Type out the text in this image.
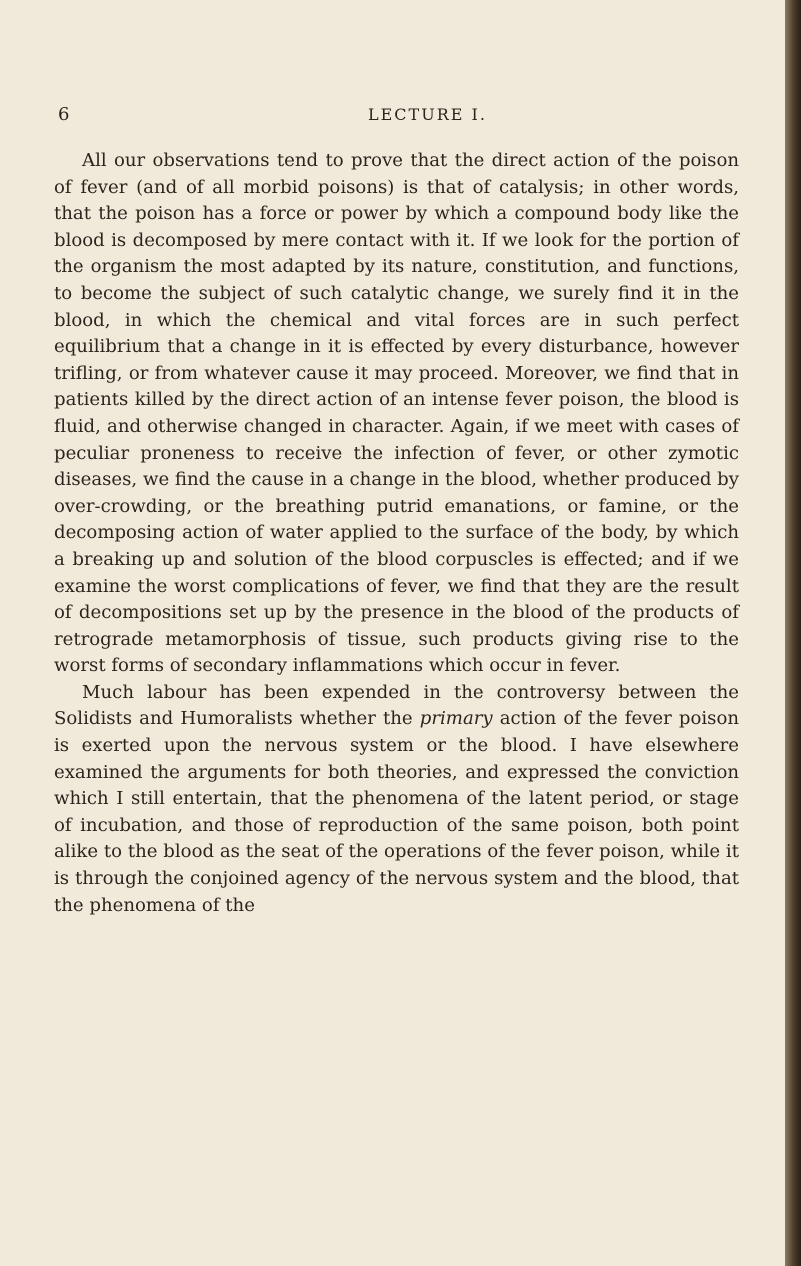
6	LECTURE I.

All our observations tend to prove that the direct action of the poison of fever (and of all morbid poisons) is that of catalysis; in other words, that the poison has a force or power by which a compound body like the blood is decomposed by mere contact with it. If we look for the portion of the organism the most adapted by its nature, constitution, and functions, to become the subject of such catalytic change, we surely find it in the blood, in which the chemical and vital forces are in such perfect equilibrium that a change in it is effected by every disturbance, however trifling, or from whatever cause it may proceed. Moreover, we find that in patients killed by the direct action of an intense fever poison, the blood is fluid, and otherwise changed in character. Again, if we meet with cases of peculiar proneness to receive the infection of fever, or other zymotic diseases, we find the cause in a change in the blood, whether produced by over-crowding, or the breathing putrid emanations, or famine, or the decomposing action of water applied to the surface of the body, by which a breaking up and solution of the blood corpuscles is effected; and if we examine the worst complications of fever, we find that they are the result of decompositions set up by the presence in the blood of the products of retrograde metamorphosis of tissue, such products giving rise to the worst forms of secondary inflammations which occur in fever.

Much labour has been expended in the controversy between the Solidists and Humoralists whether the primary action of the fever poison is exerted upon the nervous system or the blood. I have elsewhere examined the arguments for both theories, and expressed the conviction which I still entertain, that the phenomena of the latent period, or stage of incubation, and those of reproduction of the same poison, both point alike to the blood as the seat of the operations of the fever poison, while it is through the conjoined agency of the nervous system and the blood, that the phenomena of the
